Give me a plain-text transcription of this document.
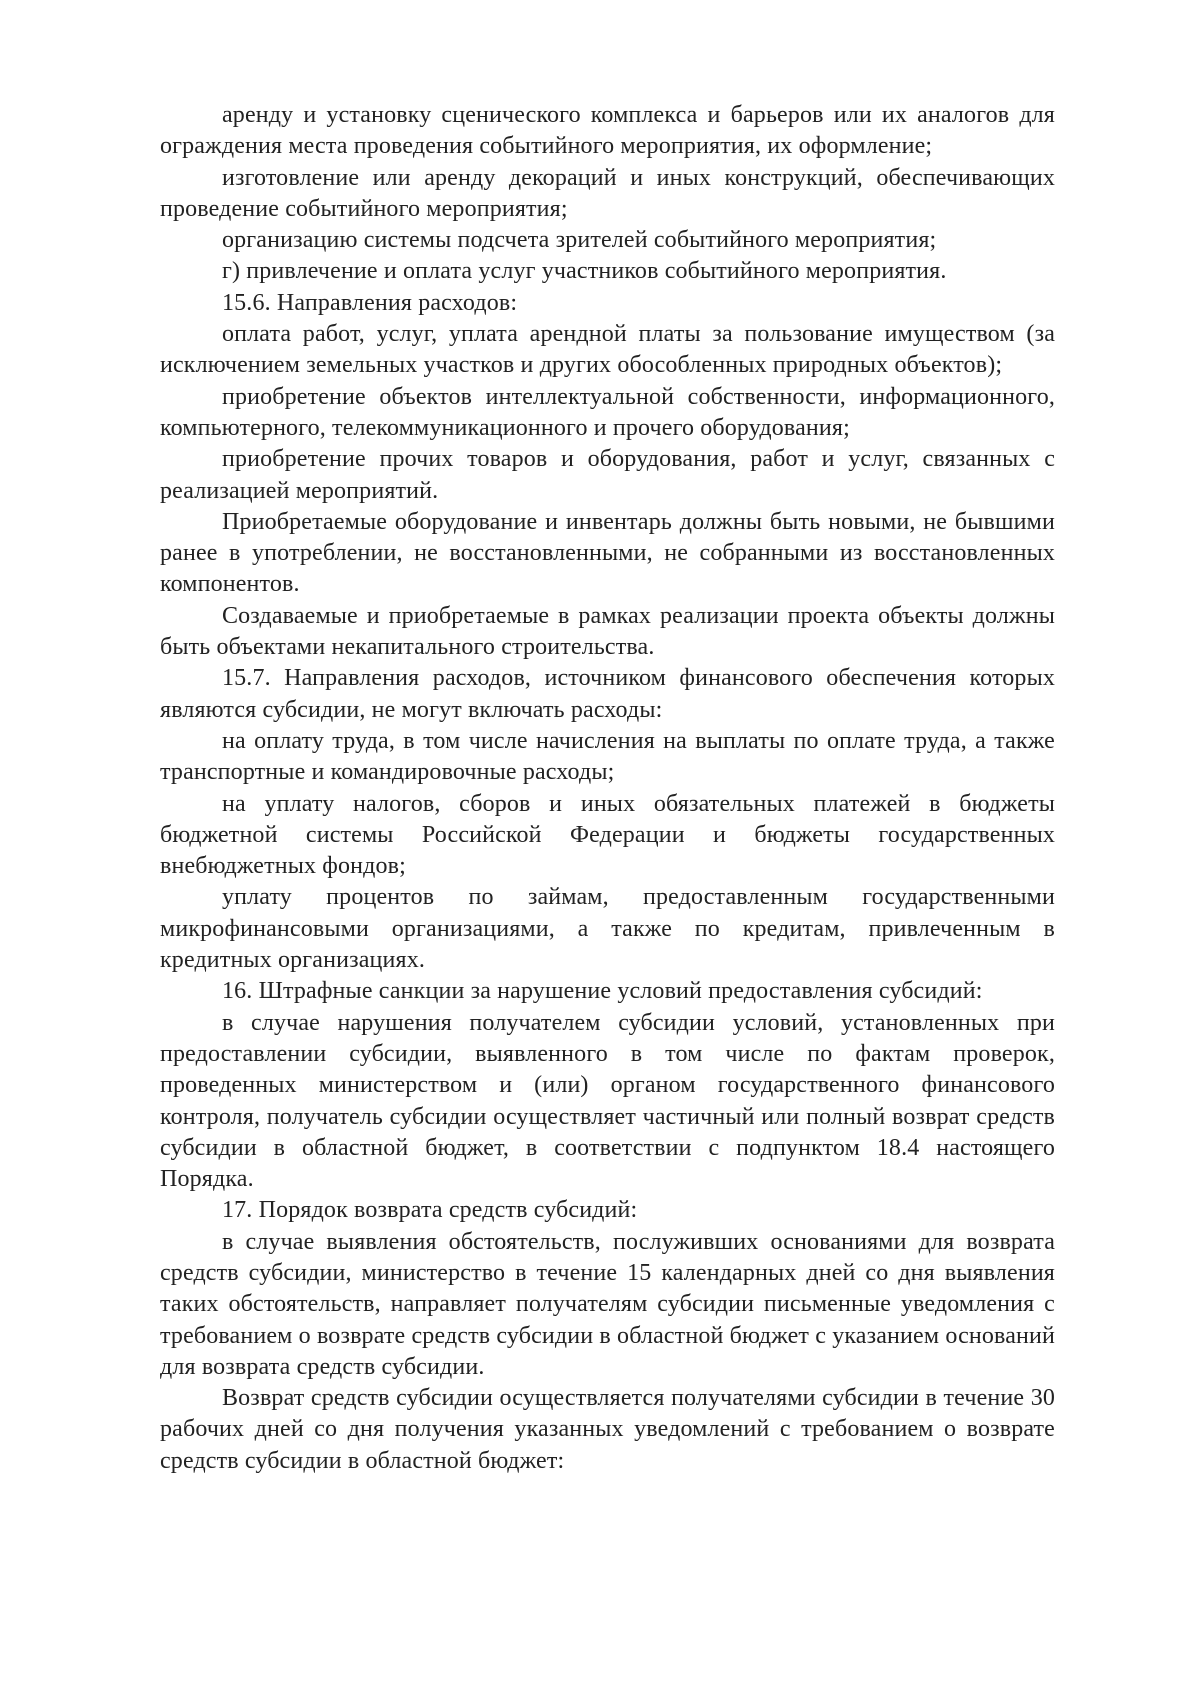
аренду и установку сценического комплекса и барьеров или их аналогов для ограждения места проведения событийного мероприятия, их оформление;

изготовление или аренду декораций и иных конструкций, обеспечивающих проведение событийного мероприятия;

организацию системы подсчета зрителей событийного мероприятия;

г) привлечение и оплата услуг участников событийного мероприятия.

15.6. Направления расходов:

оплата работ, услуг, уплата арендной платы за пользование имуществом (за исключением земельных участков и других обособленных природных объектов);

приобретение объектов интеллектуальной собственности, информационного, компьютерного, телекоммуникационного и прочего оборудования;

приобретение прочих товаров и оборудования, работ и услуг, связанных с реализацией мероприятий.

Приобретаемые оборудование и инвентарь должны быть новыми, не бывшими ранее в употреблении, не восстановленными, не собранными из восстановленных компонентов.

Создаваемые и приобретаемые в рамках реализации проекта объекты должны быть объектами некапитального строительства.

15.7. Направления расходов, источником финансового обеспечения которых являются субсидии, не могут включать расходы:

на оплату труда, в том числе начисления на выплаты по оплате труда, а также транспортные и командировочные расходы;

на уплату налогов, сборов и иных обязательных платежей в бюджеты бюджетной системы Российской Федерации и бюджеты государственных внебюджетных фондов;

уплату процентов по займам, предоставленным государственными микрофинансовыми организациями, а также по кредитам, привлеченным в кредитных организациях.

16. Штрафные санкции за нарушение условий предоставления субсидий:

в случае нарушения получателем субсидии условий, установленных при предоставлении субсидии, выявленного в том числе по фактам проверок, проведенных министерством и (или) органом государственного финансового контроля, получатель субсидии осуществляет частичный или полный возврат средств субсидии в областной бюджет, в соответствии с подпунктом 18.4 настоящего Порядка.

17. Порядок возврата средств субсидий:

в случае выявления обстоятельств, послуживших основаниями для возврата средств субсидии, министерство в течение 15 календарных дней со дня выявления таких обстоятельств, направляет получателям субсидии письменные уведомления с требованием о возврате средств субсидии в областной бюджет с указанием оснований для возврата средств субсидии.

Возврат средств субсидии осуществляется получателями субсидии в течение 30 рабочих дней со дня получения указанных уведомлений с требованием о возврате средств субсидии в областной бюджет:
